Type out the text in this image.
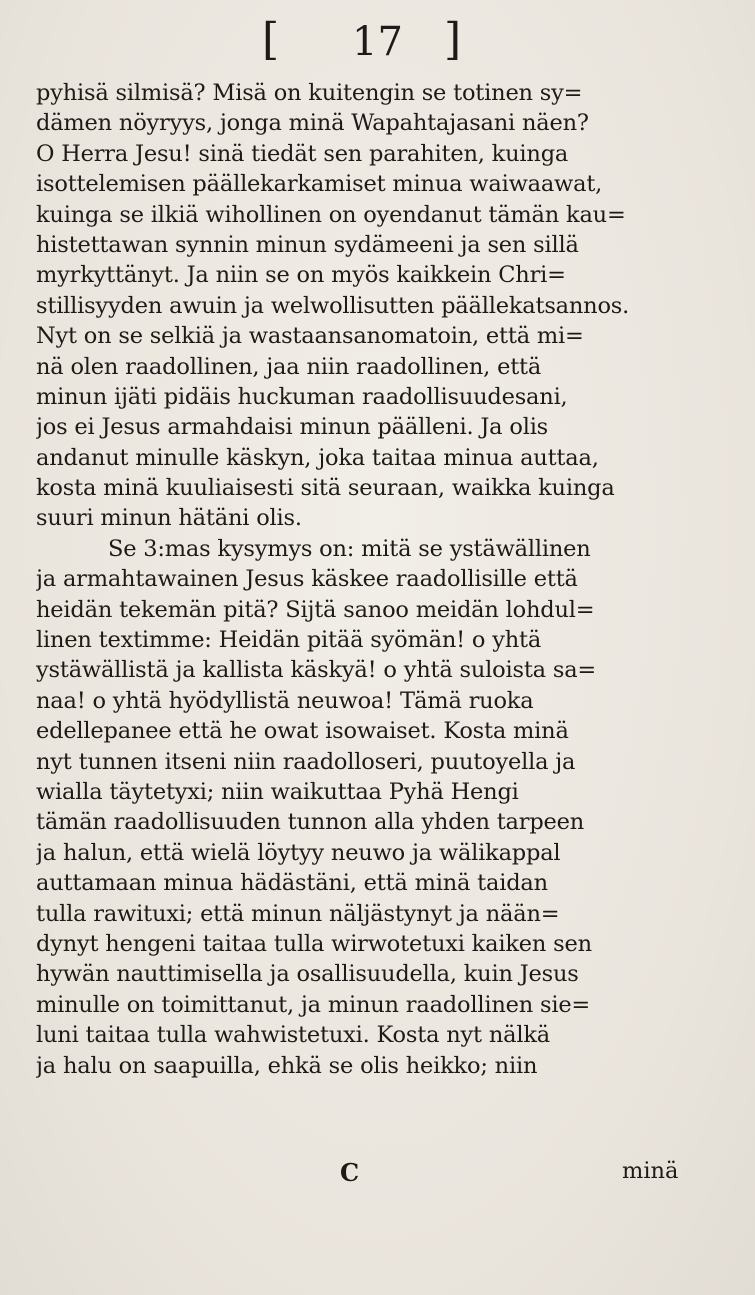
[ 17 ]
pyhisä silmisä? Misä on kuitengin se totinen sy=
dämen nöyryys, jonga minä Wapahtajasani näen?
O Herra Jesu! sinä tiedät sen parahiten, kuinga
isottelemisen päällekarkamiset minua waiwaawat,
kuinga se ilkiä wihollinen on oyendanut tämän kau=
histettawan synnin minun sydämeeni ja sen sillä
myrkyttänyt. Ja niin se on myös kaikkein Chri=
stillisyyden awuin ja welwollisutten päällekatsannos.
Nyt on se selkiä ja wastaansanomatoin, että mi=
nä olen raadollinen, jaa niin raadollinen, että
minun ijäti pidäis huckuman raadollisuudesani,
jos ei Jesus armahdaisi minun päälleni. Ja olis
andanut minulle käskyn, joka taitaa minua auttaa,
kosta minä kuuliaisesti sitä seuraan, waikka kuinga
suuri minun hätäni olis.
Se 3:mas kysymys on: mitä se ystäwällinen
ja armahtawainen Jesus käskee raadollisille että
heidän tekemän pitä? Sijtä sanoo meidän lohdul=
linen textimme: Heidän pitää syömän! o yhtä
ystäwällistä ja kallista käskyä! o yhtä suloista sa=
naa! o yhtä hyödyllistä neuwoa! Tämä ruoka
edellepanee että he owat isowaiset. Kosta minä
nyt tunnen itseni niin raadolloseri, puutoyella ja
wialla täytetyxi; niin waikuttaa Pyhä Hengi
tämän raadollisuuden tunnon alla yhden tarpeen
ja halun, että wielä löytyy neuwo ja wälikappal
auttamaan minua hädästäni, että minä taidan
tulla rawituxi; että minun näljästynyt ja nään=
dynyt hengeni taitaa tulla wirwotetuxi kaiken sen
hywän nauttimisella ja osallisuudella, kuin Jesus
minulle on toimittanut, ja minun raadollinen sie=
luni taitaa tulla wahwistetuxi. Kosta nyt nälkä
ja halu on saapuilla, ehkä se olis heikko; niin
C	minä
